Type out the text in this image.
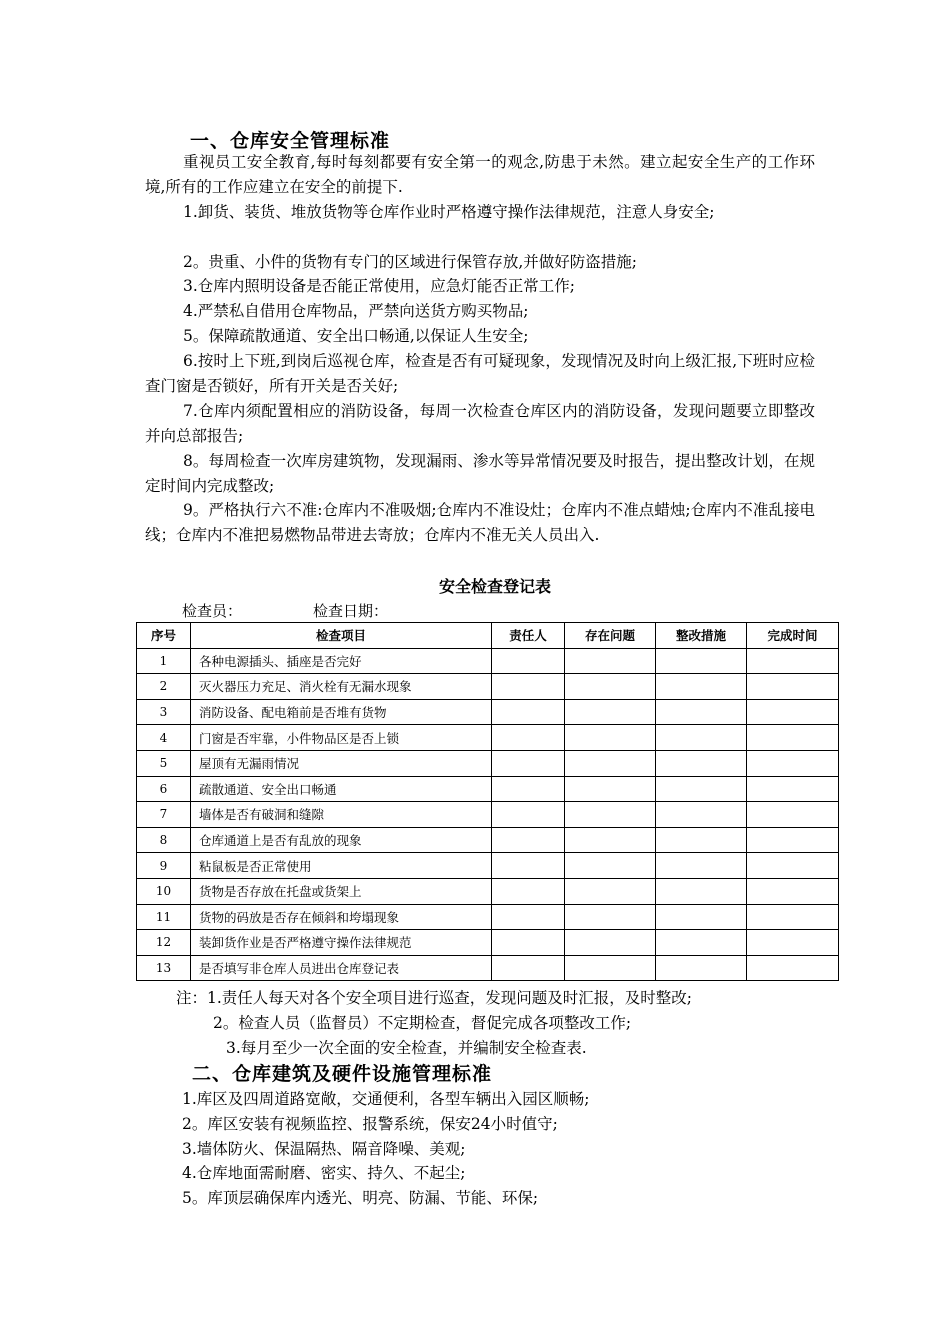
一、仓库安全管理标准
重视员工安全教育,每时每刻都要有安全第一的观念,防患于未然。建立起安全生产的工作环境,所有的工作应建立在安全的前提下.
1.卸货、装货、堆放货物等仓库作业时严格遵守操作法律规范，注意人身安全;
2。贵重、小件的货物有专门的区域进行保管存放,并做好防盗措施;
3.仓库内照明设备是否能正常使用，应急灯能否正常工作;
4.严禁私自借用仓库物品，严禁向送货方购买物品;
5。保障疏散通道、安全出口畅通,以保证人生安全;
6.按时上下班,到岗后巡视仓库，检查是否有可疑现象，发现情况及时向上级汇报,下班时应检查门窗是否锁好，所有开关是否关好;
7.仓库内须配置相应的消防设备，每周一次检查仓库区内的消防设备，发现问题要立即整改并向总部报告;
8。每周检查一次库房建筑物，发现漏雨、渗水等异常情况要及时报告，提出整改计划，在规定时间内完成整改;
9。严格执行六不准:仓库内不准吸烟;仓库内不准设灶；仓库内不准点蜡烛;仓库内不准乱接电线；仓库内不准把易燃物品带进去寄放；仓库内不准无关人员出入.
安全检查登记表
检查员：	检查日期：
序号	检查项目	责任人	存在问题	整改措施	完成时间
1	各种电源插头、插座是否完好				
2	灭火器压力充足、消火栓有无漏水现象				
3	消防设备、配电箱前是否堆有货物				
4	门窗是否牢靠，小件物品区是否上锁				
5	屋顶有无漏雨情况				
6	疏散通道、安全出口畅通				
7	墙体是否有破洞和缝隙				
8	仓库通道上是否有乱放的现象				
9	粘鼠板是否正常使用				
10	货物是否存放在托盘或货架上				
11	货物的码放是否存在倾斜和垮塌现象				
12	装卸货作业是否严格遵守操作法律规范				
13	是否填写非仓库人员进出仓库登记表				
注：1.责任人每天对各个安全项目进行巡查，发现问题及时汇报，及时整改;
2。检查人员（监督员）不定期检查，督促完成各项整改工作;
3.每月至少一次全面的安全检查，并编制安全检查表.
二、仓库建筑及硬件设施管理标准
1.库区及四周道路宽敞，交通便利，各型车辆出入园区顺畅;
2。库区安装有视频监控、报警系统，保安24小时值守;
3.墙体防火、保温隔热、隔音降噪、美观;
4.仓库地面需耐磨、密实、持久、不起尘;
5。库顶层确保库内透光、明亮、防漏、节能、环保;
